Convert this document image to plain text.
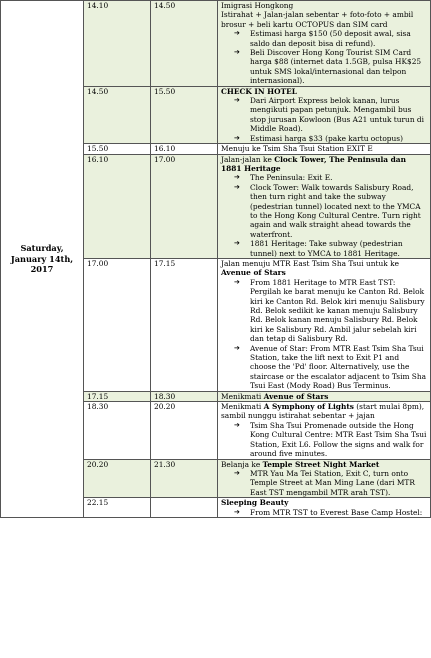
Saturday, January 14th, 2017	14.10	14.50	Imigrasi Hongkong
Istirahat + Jalan-jalan sebentar + foto-foto + ambil brosur + beli kartu OCTOPUS dan SIM card
➔ Estimasi harga $150 (50 deposit awal, sisa saldo dan deposit bisa di refund).
➔ Beli Discover Hong Kong Tourist SIM Card harga $88 (internet data 1.5GB, pulsa HK$25 untuk SMS lokal/internasional dan telpon internasional).

	14.50	15.50	CHECK IN HOTEL
➔ Dari Airport Express belok kanan, lurus mengikuti papan petunjuk. Mengambil bus stop jurusan Kowloon (Bus A21 untuk turun di Middle Road).
➔ Estimasi harga $33 (pake kartu octopus)

	15.50	16.10	Menuju ke Tsim Sha Tsui Station EXIT E

	16.10	17.00	Jalan-jalan ke Clock Tower, The Peninsula dan 1881 Heritage
➔ The Peninsula: Exit E.
➔ Clock Tower: Walk towards Salisbury Road, then turn right and take the subway (pedestrian tunnel) located next to the YMCA to the Hong Kong Cultural Centre. Turn right again and walk straight ahead towards the waterfront.
➔ 1881 Heritage: Take subway (pedestrian tunnel) next to YMCA to 1881 Heritage.

	17.00	17.15	Jalan menuju MTR East Tsim Sha Tsui untuk ke Avenue of Stars
➔ From 1881 Heritage to MTR East TST: Pergilah ke barat menuju ke Canton Rd. Belok kiri ke Canton Rd. Belok kiri menuju Salisbury Rd. Belok sedikit ke kanan menuju Salisbury Rd. Belok kanan menuju Salisbury Rd. Belok kiri ke Salisbury Rd. Ambil jalur sebelah kiri dan tetap di Salisbury Rd.
➔ Avenue of Star: From MTR East Tsim Sha Tsui Station, take the lift next to Exit P1 and choose the 'Pd' floor. Alternatively, use the staircase or the escalator adjacent to Tsim Sha Tsui East (Mody Road) Bus Terminus.

	17.15	18.30	Menikmati Avenue of Stars

	18.30	20.20	Menikmati A Symphony of Lights (start mulai 8pm), sambil nunggu istirahat sebentar + jajan
➔ Tsim Sha Tsui Promenade outside the Hong Kong Cultural Centre: MTR East Tsim Sha Tsui Station, Exit L6. Follow the signs and walk for around five minutes.

	20.20	21.30	Belanja ke Temple Street Night Market
➔ MTR Yau Ma Tei Station, Exit C, turn onto Temple Street at Man Ming Lane (dari MTR East TST mengambil MTR arah TST).

	22.15		Sleeping Beauty
➔ From MTR TST to Everest Base Camp Hostel:
